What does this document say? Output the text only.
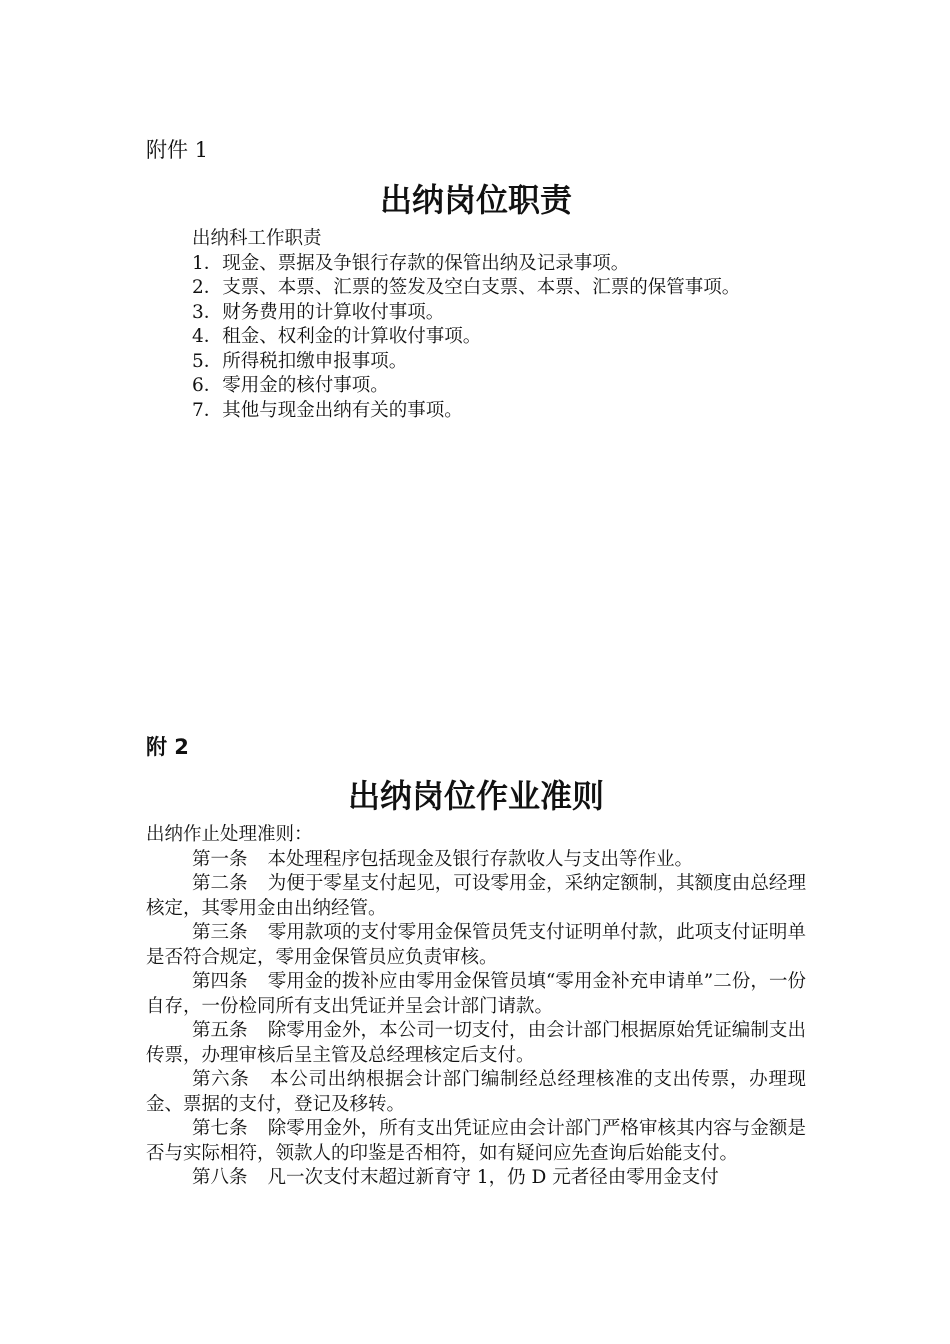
附件 1
出纳岗位职责

出纳科工作职责

1．现金、票据及争银行存款的保管出纳及记录事项。

2．支票、本票、汇票的签发及空白支票、本票、汇票的保管事项。

3．财务费用的计算收付事项。

4．租金、权利金的计算收付事项。

5．所得税扣缴申报事项。

6．零用金的核付事项。

7．其他与现金出纳有关的事项。

附 2
出纳岗位作业准则

出纳作止处理准则：

第一条 本处理程序包括现金及银行存款收人与支出等作业。

第二条 为便于零星支付起见，可设零用金，采纳定额制，其额度由总经理核定，其零用金由出纳经管。

第三条 零用款项的支付零用金保管员凭支付证明单付款，此项支付证明单是否符合规定，零用金保管员应负责审核。

第四条 零用金的拨补应由零用金保管员填“零用金补充申请单”二份，一份自存，一份检同所有支出凭证并呈会计部门请款。

第五条 除零用金外，本公司一切支付，由会计部门根据原始凭证编制支出传票，办理审核后呈主管及总经理核定后支付。

第六条 本公司出纳根据会计部门编制经总经理核准的支出传票，办理现金、票据的支付，登记及移转。

第七条 除零用金外，所有支出凭证应由会计部门严格审核其内容与金额是否与实际相符，领款人的印鉴是否相符，如有疑问应先查询后始能支付。

第八条 凡一次支付末超过新育守 1，仍 D 元者径由零用金支付
